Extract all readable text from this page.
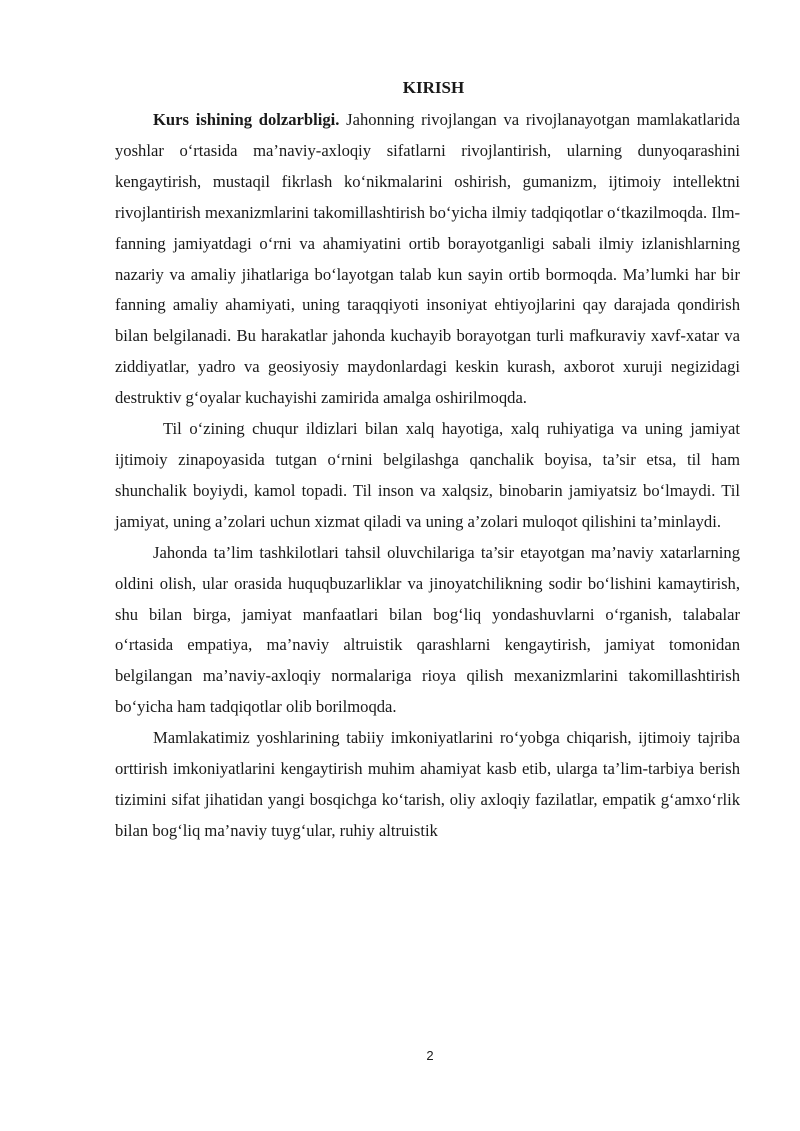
KIRISH

Kurs ishining dolzarbligi. Jahonning rivojlangan va rivojlanayotgan mamlakatlarida yoshlar o‘rtasida ma’naviy-axloqiy sifatlarni rivojlantirish, ularning dunyoqarashini kengaytirish, mustaqil fikrlash ko‘nikmalarini oshirish, gumanizm, ijtimoiy intellektni rivojlantirish mexanizmlarini takomillashtirish bo‘yicha ilmiy tadqiqotlar o‘tkazilmoqda. Ilm-fanning jamiyatdagi o‘rni va ahamiyatini ortib borayotganligi sabali ilmiy izlanishlarning nazariy va amaliy jihatlariga bo‘layotgan talab kun sayin ortib bormoqda. Ma’lumki har bir fanning amaliy ahamiyati, uning taraqqiyoti insoniyat ehtiyojlarini qay darajada qondirish bilan belgilanadi. Bu harakatlar jahonda kuchayib borayotgan turli mafkuraviy xavf-xatar va ziddiyatlar, yadro va geosiyosiy maydonlardagi keskin kurash, axborot xuruji negizidagi destruktiv g‘oyalar kuchayishi zamirida amalga oshirilmoqda.

Til o‘zining chuqur ildizlari bilan xalq hayotiga, xalq ruhiyatiga va uning jamiyat ijtimoiy zinapoyasida tutgan o‘rnini belgilashga qanchalik boyisa, ta’sir etsa, til ham shunchalik boyiydi, kamol topadi. Til inson va xalqsiz, binobarin jamiyatsiz bo‘lmaydi. Til jamiyat, uning a’zolari uchun xizmat qiladi va uning a’zolari muloqot qilishini ta’minlaydi.

Jahonda ta’lim tashkilotlari tahsil oluvchilariga ta’sir etayotgan ma’naviy xatarlarning oldini olish, ular orasida huquqbuzarliklar va jinoyatchilikning sodir bo‘lishini kamaytirish, shu bilan birga, jamiyat manfaatlari bilan bog‘liq yondashuvlarni o‘rganish, talabalar o‘rtasida empatiya, ma’naviy altruistik qarashlarni kengaytirish, jamiyat tomonidan belgilangan ma’naviy-axloqiy normalariga rioya qilish mexanizmlarini takomillashtirish bo‘yicha ham tadqiqotlar olib borilmoqda.

Mamlakatimiz yoshlarining tabiiy imkoniyatlarini ro‘yobga chiqarish, ijtimoiy tajriba orttirish imkoniyatlarini kengaytirish muhim ahamiyat kasb etib, ularga ta’lim-tarbiya berish tizimini sifat jihatidan yangi bosqichga ko‘tarish, oliy axloqiy fazilatlar, empatik g‘amxo‘rlik bilan bog‘liq ma’naviy tuyg‘ular, ruhiy altruistik

2
